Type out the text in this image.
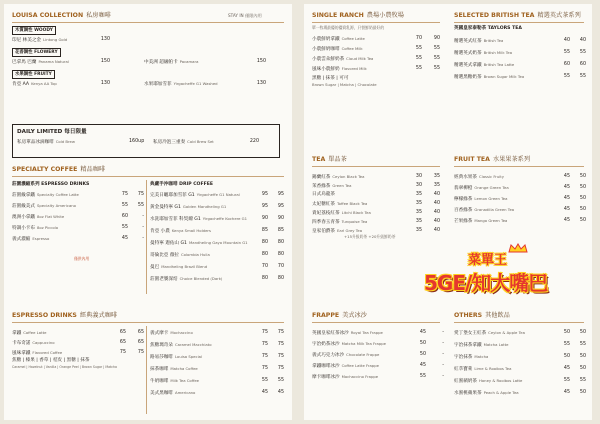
LOUISA COLLECTION 私房咖啡	STAY IN 僅限內用
木質調性 WOODY
印尼 林美之金 Lintong Gold	130
花香調性 FLOWERY
巴拿馬 巴蘭 Panama Natural	150	中美洲 超級帕卡 Pacamara	150
水果調性 FRUITY
肯亞 AA Kenya AA Top	130	水果耶加雪菲 Yirgacheffe G1 Washed	130
DAILY LIMITED 每日限量
私房單品冰滴咖啡 Cold Brew	160up 私房冷泡三重奏 Cold Brew Set	220
SPECIALTY COFFEE 精品咖啡
莊園濃縮系列 ESPRESSO DRINKS	典藏手沖咖啡 DRIP COFFEE
莊園級拿鐵 Specialty Coffee Latte	75	75
莊園級美式 Specialty Americano	55	55
澳洲小拿鐵 8oz Flat White	60	-
特調小卡布 8oz Piccolo	55	-
義式濃縮 Espresso	45	-
僅供內用
完美日曬耶加雪菲 G1 Yirgacheffe G1 Natural	95	95
黃金曼特寧 G1 Golden Mandheling G1	95	95
水洗耶加雪菲 科契爾 G1 Yirgacheffe Kochere G1	90	90
肯亞 小農 Kenya Small Holders	85	85
曼特寧 迦佑山 G1 Mandheling Gayo Mountain G1	80	80
哥倫比亞 薇拉 Colombia Huila	80	80
曼巴 Mandheling Brazil Blend	70	70
莊園老饕深焙 Choice Blended (Dark)	80	80
ESPRESSO DRINKS 經典義式咖啡
拿鐵 Coffee Latte	65	65
卡布奇諾 Cappuccino	65	65
風味拿鐵 Flavored Coffee	75	75
焦糖 | 榛果 | 香草 | 桔皮 | 黑糖 | 抹茶
Caramel | Hazelnut | Vanilla | Orange Peel | Brown Sugar | Matcha
義式摩卡 Mochaccino	75	75
焦糖瑪奇朵 Caramel Macchiato	75	75
路易莎咖啡 Louisa Special	75	75
抹茶咖啡 Matcha Coffee	75	75
牛奶咖啡 Milk Tea Coffee	55	55
美式黑咖啡 Americano	45	45
SINGLE RANCH 農場小農牧場
單一牧場最優的優質乳源，只營鮮奶最好的
小農鮮奶拿鐵 Coffee Latte	70	90
小農鮮奶咖啡 Coffee Milk	55	55
小農雲朵鮮奶茶 Cloud Milk Tea	55	55
風味小農鮮奶 Flavored Milk	55	55
黑糖 | 抹茶 | 可可
Brown Sugar | Matcha | Chocolate
SELECTED BRITISH TEA 精選英式茶系列
英國皇家泰勒茶 TAYLORS TEA
精選英式紅茶 British Tea	40	40
精選英式奶茶 British Milk Tea	55	55
精選英式拿鐵 British Tea Latte	60	60
精選黑糖奶茶 Brown Sugar Milk Tea	55	55
TEA 單品茶
錫蘭紅茶 Ceylon Black Tea	30	35
茉香綠茶 Green Tea	30	35
日式烏龍茶	35	40
太妃糖紅茶 Toffee Black Tea	35	40
貴妃荔枝紅茶 Litchi Black Tea	35	40
四季春玉青茶 Turquoise Tea	35	40
皇家伯爵茶 Earl Grey Tea	35	40
+15升級奶茶 +20升級鮮奶茶
FRUIT TEA 水果果茶系列
經典水果茶 Classic Fruity	45	50
翡翠柳橙 Orange Green Tea	45	50
檸檬綠茶 Lemon Green Tea	45	50
百香綠茶 Granadilla Green Tea	45	50
芒果綠茶 Mango Green Tea	45	50
菜單王
5GE/知大嘴巴
FRAPPE 美式冰沙
英國皇家紅茶冰沙 Royal Tea Frappe	45	-
宇治奶茶冰沙 Matcha Milk Tea Frappe	50	-
義式巧克力冰沙 Chocolate Frappe	50	-
拿鐵咖啡冰沙 Coffee Latte Frappe	45	-
摩卡咖啡冰沙 Mochaccino Frappe	55	-
OTHERS 其他飲品
愛丁堡女王紅茶 Ceylon & Apple Tea	50	50
宇治抹茶拿鐵 Matcha Latte	55	55
宇治抹茶 Matcha	50	50
紅萃寶萊 Lime & Rooibos Tea	45	50
紅蜜蘋奶茶 Honey & Rooibos Latte	55	55
水蜜桃蘋果茶 Peach & Apple Tea	45	50
